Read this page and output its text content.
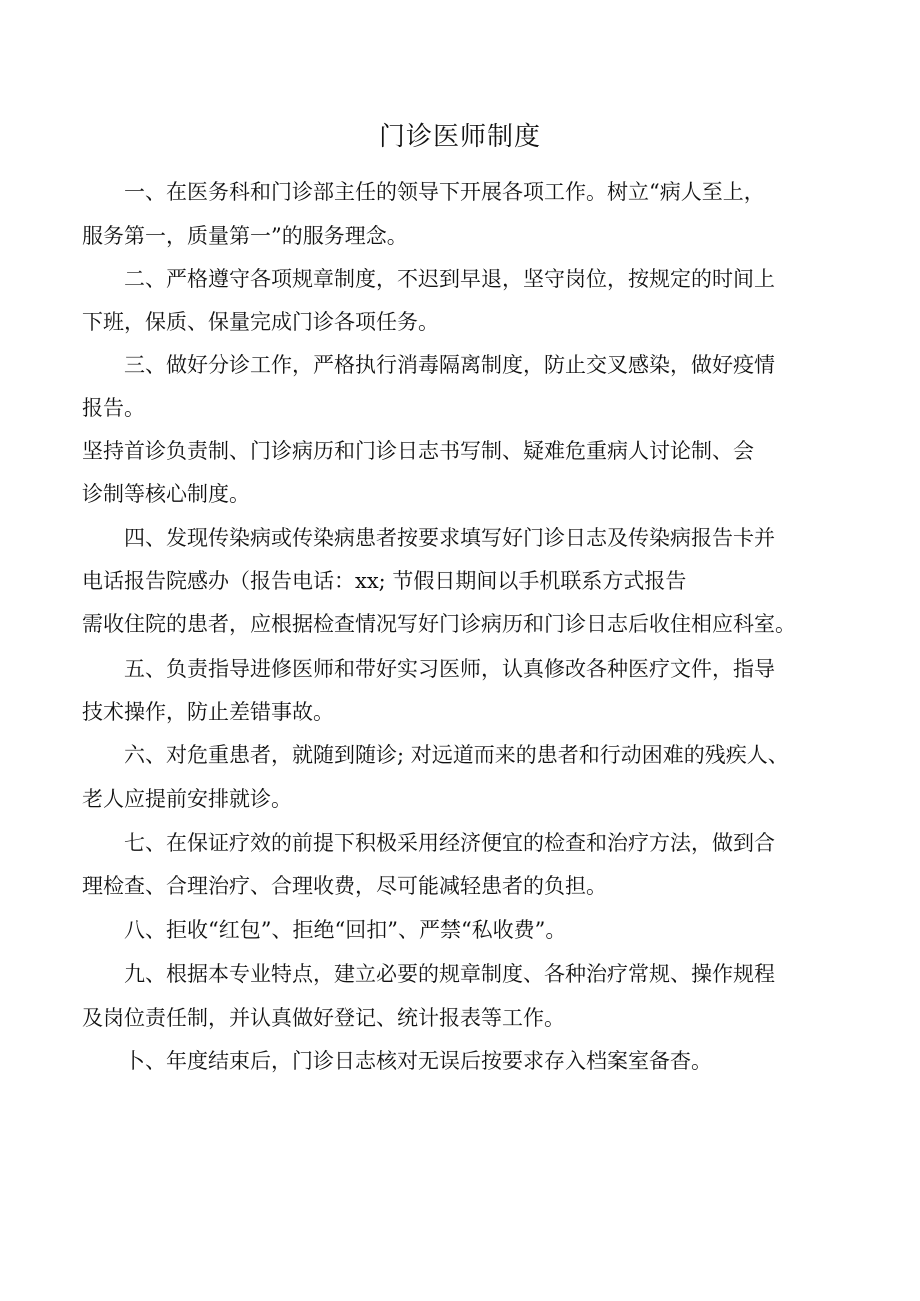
门诊医师制度
　　一、在医务科和门诊部主任的领导下开展各项工作。树立“病人至上，
服务第一，质量第一”的服务理念。
　　二、严格遵守各项规章制度，不迟到早退，坚守岗位，按规定的时间上
下班，保质、保量完成门诊各项任务。
　　三、做好分诊工作，严格执行消毒隔离制度，防止交叉感染，做好疫情
报告。
坚持首诊负责制、门诊病历和门诊日志书写制、疑难危重病人讨论制、会
诊制等核心制度。
　　四、发现传染病或传染病患者按要求填写好门诊日志及传染病报告卡并
电话报告院感办（报告电话：xx; 节假日期间以手机联系方式报告
需收住院的患者，应根据检查情况写好门诊病历和门诊日志后收住相应科室。
　　五、负责指导进修医师和带好实习医师，认真修改各种医疗文件，指导
技术操作，防止差错事故。
　　六、对危重患者，就随到随诊; 对远道而来的患者和行动困难的残疾人、
老人应提前安排就诊。
　　七、在保证疗效的前提下积极采用经济便宜的检查和治疗方法，做到合
理检查、合理治疗、合理收费，尽可能减轻患者的负担。
　　八、拒收“红包”、拒绝“回扣”、严禁“私收费”。
　　九、根据本专业特点，建立必要的规章制度、各种治疗常规、操作规程
及岗位责任制，并认真做好登记、统计报表等工作。
　　卜、年度结束后，门诊日志核对无误后按要求存入档案室备杳。
